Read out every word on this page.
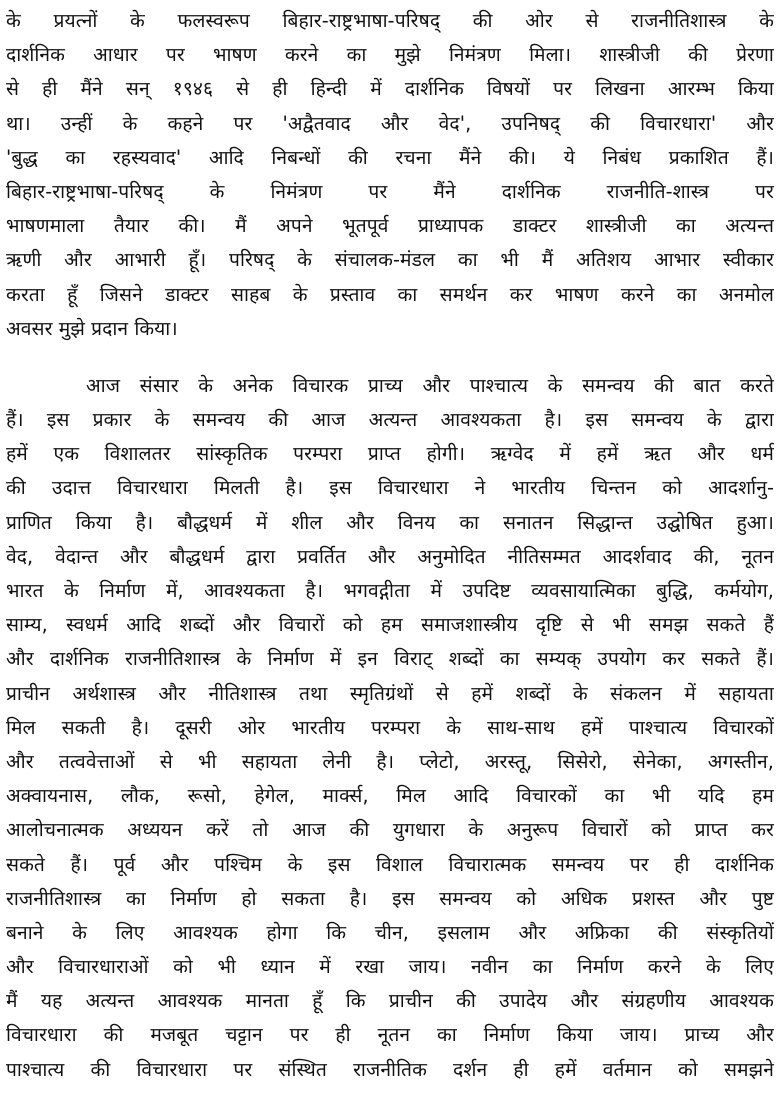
के प्रयत्नों के फलस्वरूप बिहार-राष्ट्रभाषा-परिषद् की ओर से राजनीतिशास्त्र के
दार्शनिक आधार पर भाषण करने का मुझे निमंत्रण मिला। शास्त्रीजी की प्रेरणा
से ही मैंने सन् १९४६ से ही हिन्दी में दार्शनिक विषयों पर लिखना आरम्भ किया
था। उन्हीं के कहने पर 'अद्वैतवाद और वेद', उपनिषद् की विचारधारा' और
'बुद्ध का रहस्यवाद' आदि निबन्धों की रचना मैंने की। ये निबंध प्रकाशित हैं।
बिहार-राष्ट्रभाषा-परिषद् के निमंत्रण पर मैंने दार्शनिक राजनीति-शास्त्र पर
भाषणमाला तैयार की। मैं अपने भूतपूर्व प्राध्यापक डाक्टर शास्त्रीजी का अत्यन्त
ऋणी और आभारी हूँ। परिषद् के संचालक-मंडल का भी मैं अतिशय आभार स्वीकार
करता हूँ जिसने डाक्टर साहब के प्रस्ताव का समर्थन कर भाषण करने का अनमोल
अवसर मुझे प्रदान किया।
आज संसार के अनेक विचारक प्राच्य और पाश्चात्य के समन्वय की बात करते
हैं। इस प्रकार के समन्वय की आज अत्यन्त आवश्यकता है। इस समन्वय के द्वारा
हमें एक विशालतर सांस्कृतिक परम्परा प्राप्त होगी। ऋग्वेद में हमें ऋत और धर्म
की उदात्त विचारधारा मिलती है। इस विचारधारा ने भारतीय चिन्तन को आदर्शानु-
प्राणित किया है। बौद्धधर्म में शील और विनय का सनातन सिद्धान्त उद्घोषित हुआ।
वेद, वेदान्त और बौद्धधर्म द्वारा प्रवर्तित और अनुमोदित नीतिसम्मत आदर्शवाद की, नूतन
भारत के निर्माण में, आवश्यकता है। भगवद्गीता में उपदिष्ट व्यवसायात्मिका बुद्धि, कर्मयोग,
साम्य, स्वधर्म आदि शब्दों और विचारों को हम समाजशास्त्रीय दृष्टि से भी समझ सकते हैं
और दार्शनिक राजनीतिशास्त्र के निर्माण में इन विराट् शब्दों का सम्यक् उपयोग कर सकते हैं।
प्राचीन अर्थशास्त्र और नीतिशास्त्र तथा स्मृतिग्रंथों से हमें शब्दों के संकलन में सहायता
मिल सकती है। दूसरी ओर भारतीय परम्परा के साथ-साथ हमें पाश्चात्य विचारकों
और तत्ववेत्ताओं से भी सहायता लेनी है। प्लेटो, अरस्तू, सिसेरो, सेनेका, अगस्तीन,
अक्वायनास, लौक, रूसो, हेगेल, मार्क्स, मिल आदि विचारकों का भी यदि हम
आलोचनात्मक अध्ययन करें तो आज की युगधारा के अनुरूप विचारों को प्राप्त कर
सकते हैं। पूर्व और पश्चिम के इस विशाल विचारात्मक समन्वय पर ही दार्शनिक
राजनीतिशास्त्र का निर्माण हो सकता है। इस समन्वय को अधिक प्रशस्त और पुष्ट
बनाने के लिए आवश्यक होगा कि चीन, इसलाम और अफ्रिका की संस्कृतियों
और विचारधाराओं को भी ध्यान में रखा जाय। नवीन का निर्माण करने के लिए
मैं यह अत्यन्त आवश्यक मानता हूँ कि प्राचीन की उपादेय और संग्रहणीय आवश्यक
विचारधारा की मजबूत चट्टान पर ही नूतन का निर्माण किया जाय। प्राच्य और
पाश्चात्य की विचारधारा पर संस्थित राजनीतिक दर्शन ही हमें वर्तमान को समझने
